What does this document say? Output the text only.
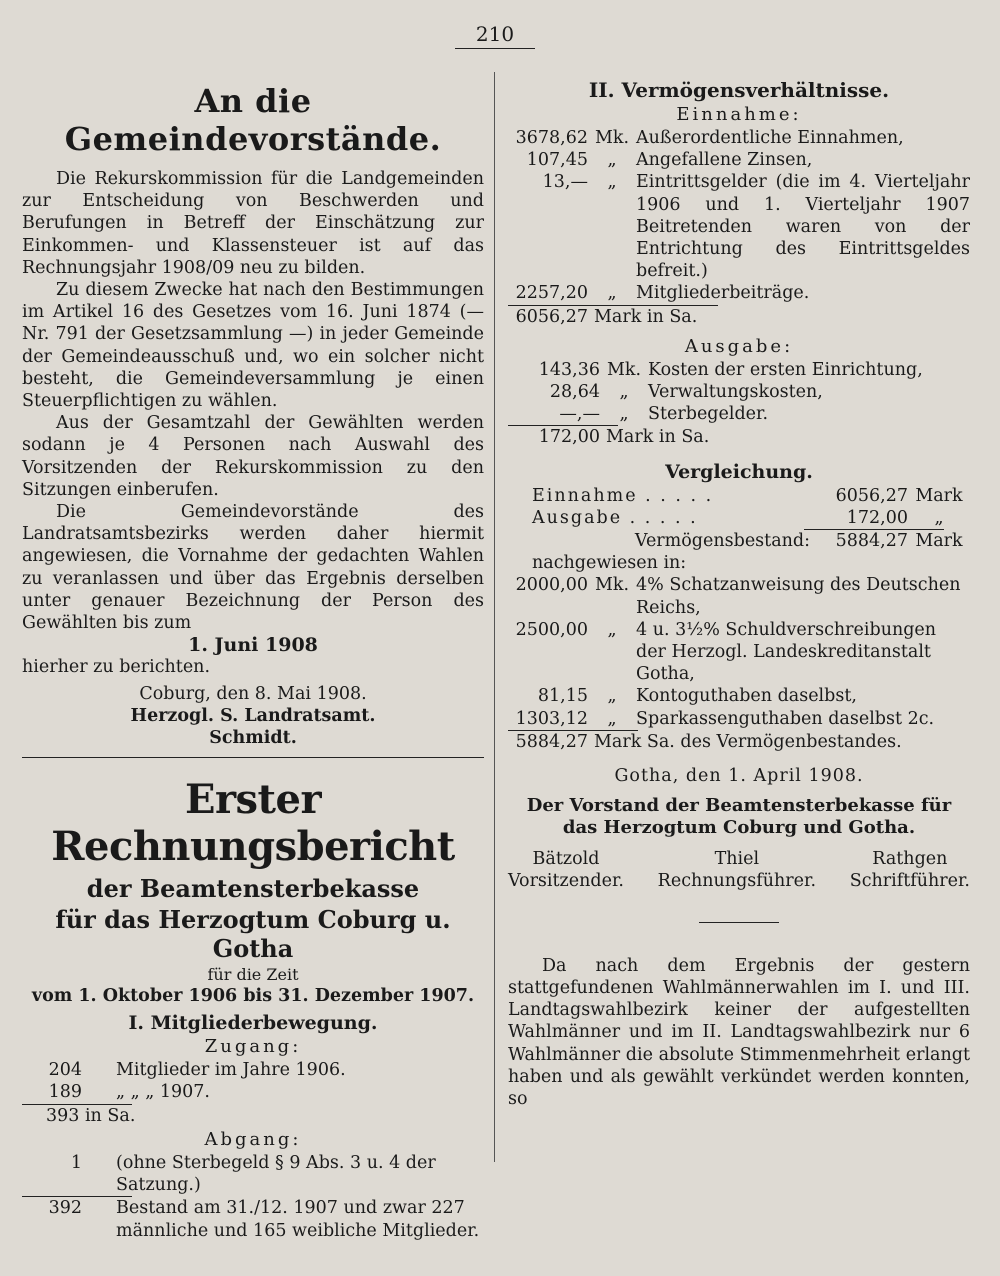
210
An die Gemeindevorstände.

Die Rekurskommission für die Landgemeinden zur Entscheidung von Beschwerden und Berufungen in Betreff der Einschätzung zur Einkommen- und Klassensteuer ist auf das Rechnungsjahr 1908/09 neu zu bilden.

Zu diesem Zwecke hat nach den Bestimmungen im Artikel 16 des Gesetzes vom 16. Juni 1874 (— Nr. 791 der Gesetzsammlung —) in jeder Gemeinde der Gemeindeausschuß und, wo ein solcher nicht besteht, die Gemeindeversammlung je einen Steuerpflichtigen zu wählen.

Aus der Gesamtzahl der Gewählten werden sodann je 4 Personen nach Auswahl des Vorsitzenden der Rekurskommission zu den Sitzungen einberufen.

Die Gemeindevorstände des Landratsamtsbezirks werden daher hiermit angewiesen, die Vornahme der gedachten Wahlen zu veranlassen und über das Ergebnis derselben unter genauer Bezeichnung der Person des Gewählten bis zum

1. Juni 1908

hierher zu berichten.

Coburg, den 8. Mai 1908.

Herzogl. S. Landratsamt.

Schmidt.

Erster Rechnungsbericht
der Beamtensterbekasse
für das Herzogtum Coburg u. Gotha
für die Zeit
vom 1. Oktober 1906 bis 31. Dezember 1907.
I. Mitgliederbewegung.
Zugang:
204	Mitglieder im Jahre 1906.
189	„ „ „ 1907.
393 in Sa.
Abgang:
1	(ohne Sterbegeld § 9 Abs. 3 u. 4 der Satzung.)
392	Bestand am 31./12. 1907 und zwar 227 männliche und 165 weibliche Mitglieder.
II. Vermögensverhältnisse.
Einnahme:
3678,62 Mk. Außerordentliche Einnahmen,
107,45	„	Angefallene Zinsen,
13,—	„	Eintrittsgelder (die im 4. Vierteljahr 1906 und 1. Vierteljahr 1907 Beitretenden waren von der Entrichtung des Eintrittsgeldes befreit.)
2257,20	„	Mitgliederbeiträge.
6056,27 Mark in Sa.
Ausgabe:
143,36 Mk. Kosten der ersten Einrichtung,
28,64	„	Verwaltungskosten,
—,—	„	Sterbegelder.
172,00 Mark in Sa.
Vergleichung.
Einnahme . . . . .	6056,27 Mark
Ausgabe . . . . .	172,00	„
Vermögensbestand:	5884,27 Mark
nachgewiesen in:
2000,00 Mk. 4% Schatzanweisung des Deutschen Reichs,
2500,00	„	4 u. 3½% Schuldverschreibungen der Herzogl. Landeskreditanstalt Gotha,
81,15	„	Kontoguthaben daselbst,
1303,12	„	Sparkassenguthaben daselbst 2c.
5884,27 Mark Sa. des Vermögenbestandes.

Gotha, den 1. April 1908.

Der Vorstand der Beamtensterbekasse für das Herzogtum Coburg und Gotha.

Bätzold
Vorsitzender.
Thiel
Rechnungsführer.
Rathgen
Schriftführer.

Da nach dem Ergebnis der gestern stattgefundenen Wahlmännerwahlen im I. und III. Landtagswahlbezirk keiner der aufgestellten Wahlmänner und im II. Landtagswahlbezirk nur 6 Wahlmänner die absolute Stimmenmehrheit erlangt haben und als gewählt verkündet werden konnten, so
